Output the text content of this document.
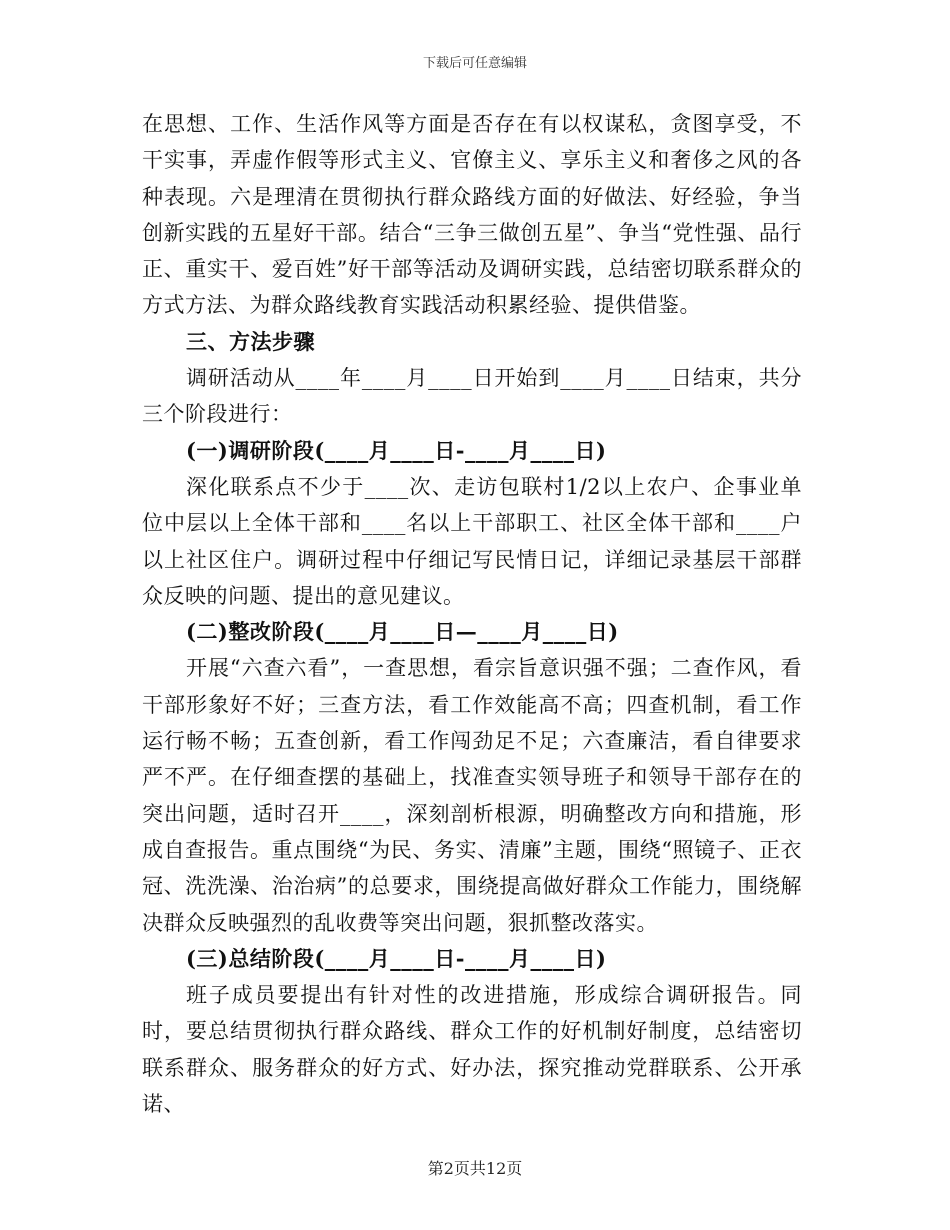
下载后可任意编辑

在思想、工作、生活作风等方面是否存在有以权谋私，贪图享受，不干实事，弄虚作假等形式主义、官僚主义、享乐主义和奢侈之风的各种表现。六是理清在贯彻执行群众路线方面的好做法、好经验，争当创新实践的五星好干部。结合“三争三做创五星”、争当“党性强、品行正、重实干、爱百姓”好干部等活动及调研实践，总结密切联系群众的方式方法、为群众路线教育实践活动积累经验、提供借鉴。

三、方法步骤

调研活动从____年____月____日开始到____月____日结束，共分三个阶段进行：

(一)调研阶段(____月____日-____月____日)

深化联系点不少于____次、走访包联村1/2以上农户、企事业单位中层以上全体干部和____名以上干部职工、社区全体干部和____户以上社区住户。调研过程中仔细记写民情日记，详细记录基层干部群众反映的问题、提出的意见建议。

(二)整改阶段(____月____日—____月____日)

开展“六查六看”，一查思想，看宗旨意识强不强；二查作风，看干部形象好不好；三查方法，看工作效能高不高；四查机制，看工作运行畅不畅；五查创新，看工作闯劲足不足；六查廉洁，看自律要求严不严。在仔细查摆的基础上，找准查实领导班子和领导干部存在的突出问题，适时召开____，深刻剖析根源，明确整改方向和措施，形成自查报告。重点围绕“为民、务实、清廉”主题，围绕“照镜子、正衣冠、洗洗澡、治治病”的总要求，围绕提高做好群众工作能力，围绕解决群众反映强烈的乱收费等突出问题，狠抓整改落实。

(三)总结阶段(____月____日-____月____日)

班子成员要提出有针对性的改进措施，形成综合调研报告。同时，要总结贯彻执行群众路线、群众工作的好机制好制度，总结密切联系群众、服务群众的好方式、好办法，探究推动党群联系、公开承诺、

第2页共12页
